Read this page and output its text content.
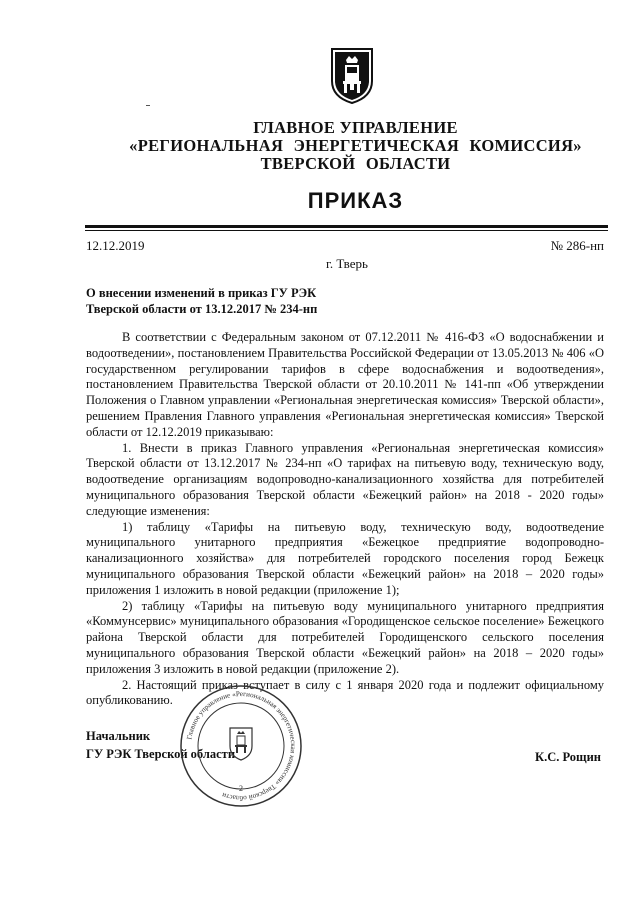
ГЛАВНОЕ УПРАВЛЕНИЕ
«РЕГИОНАЛЬНАЯ ЭНЕРГЕТИЧЕСКАЯ КОМИССИЯ»
ТВЕРСКОЙ ОБЛАСТИ
ПРИКАЗ
12.12.2019	№ 286-нп
г. Тверь
О внесении изменений в приказ ГУ РЭК
Тверской области от 13.12.2017 № 234-нп

В соответствии с Федеральным законом от 07.12.2011 № 416-ФЗ «О водоснабжении и водоотведении», постановлением Правительства Российской Федерации от 13.05.2013 № 406 «О государственном регулировании тарифов в сфере водоснабжения и водоотведения», постановлением Правительства Тверской области от 20.10.2011 № 141-пп «Об утверждении Положения о Главном управлении «Региональная энергетическая комиссия» Тверской области», решением Правления Главного управления «Региональная энергетическая комиссия» Тверской области от 12.12.2019 приказываю:

1. Внести в приказ Главного управления «Региональная энергетическая комиссия» Тверской области от 13.12.2017 № 234-нп «О тарифах на питьевую воду, техническую воду, водоотведение организациям водопроводно-канализационного хозяйства для потребителей муниципального образования Тверской области «Бежецкий район» на 2018 - 2020 годы» следующие изменения:

1) таблицу «Тарифы на питьевую воду, техническую воду, водоотведение муниципального унитарного предприятия «Бежецкое предприятие водопроводно-канализационного хозяйства» для потребителей городского поселения город Бежецк муниципального образования Тверской области «Бежецкий район» на 2018 – 2020 годы» приложения 1 изложить в новой редакции (приложение 1);

2) таблицу «Тарифы на питьевую воду муниципального унитарного предприятия «Коммунсервис» муниципального образования «Городищенское сельское поселение» Бежецкого района Тверской области для потребителей Городищенского сельского поселения муниципального образования Тверской области «Бежецкий район» на 2018 – 2020 годы» приложения 3 изложить в новой редакции (приложение 2).

2. Настоящий приказ вступает в силу с 1 января 2020 года и подлежит официальному опубликованию.

Начальник
ГУ РЭК Тверской области	К.С. Рощин
Главное управление «Региональная энергетическая комиссия» Тверской области
2
